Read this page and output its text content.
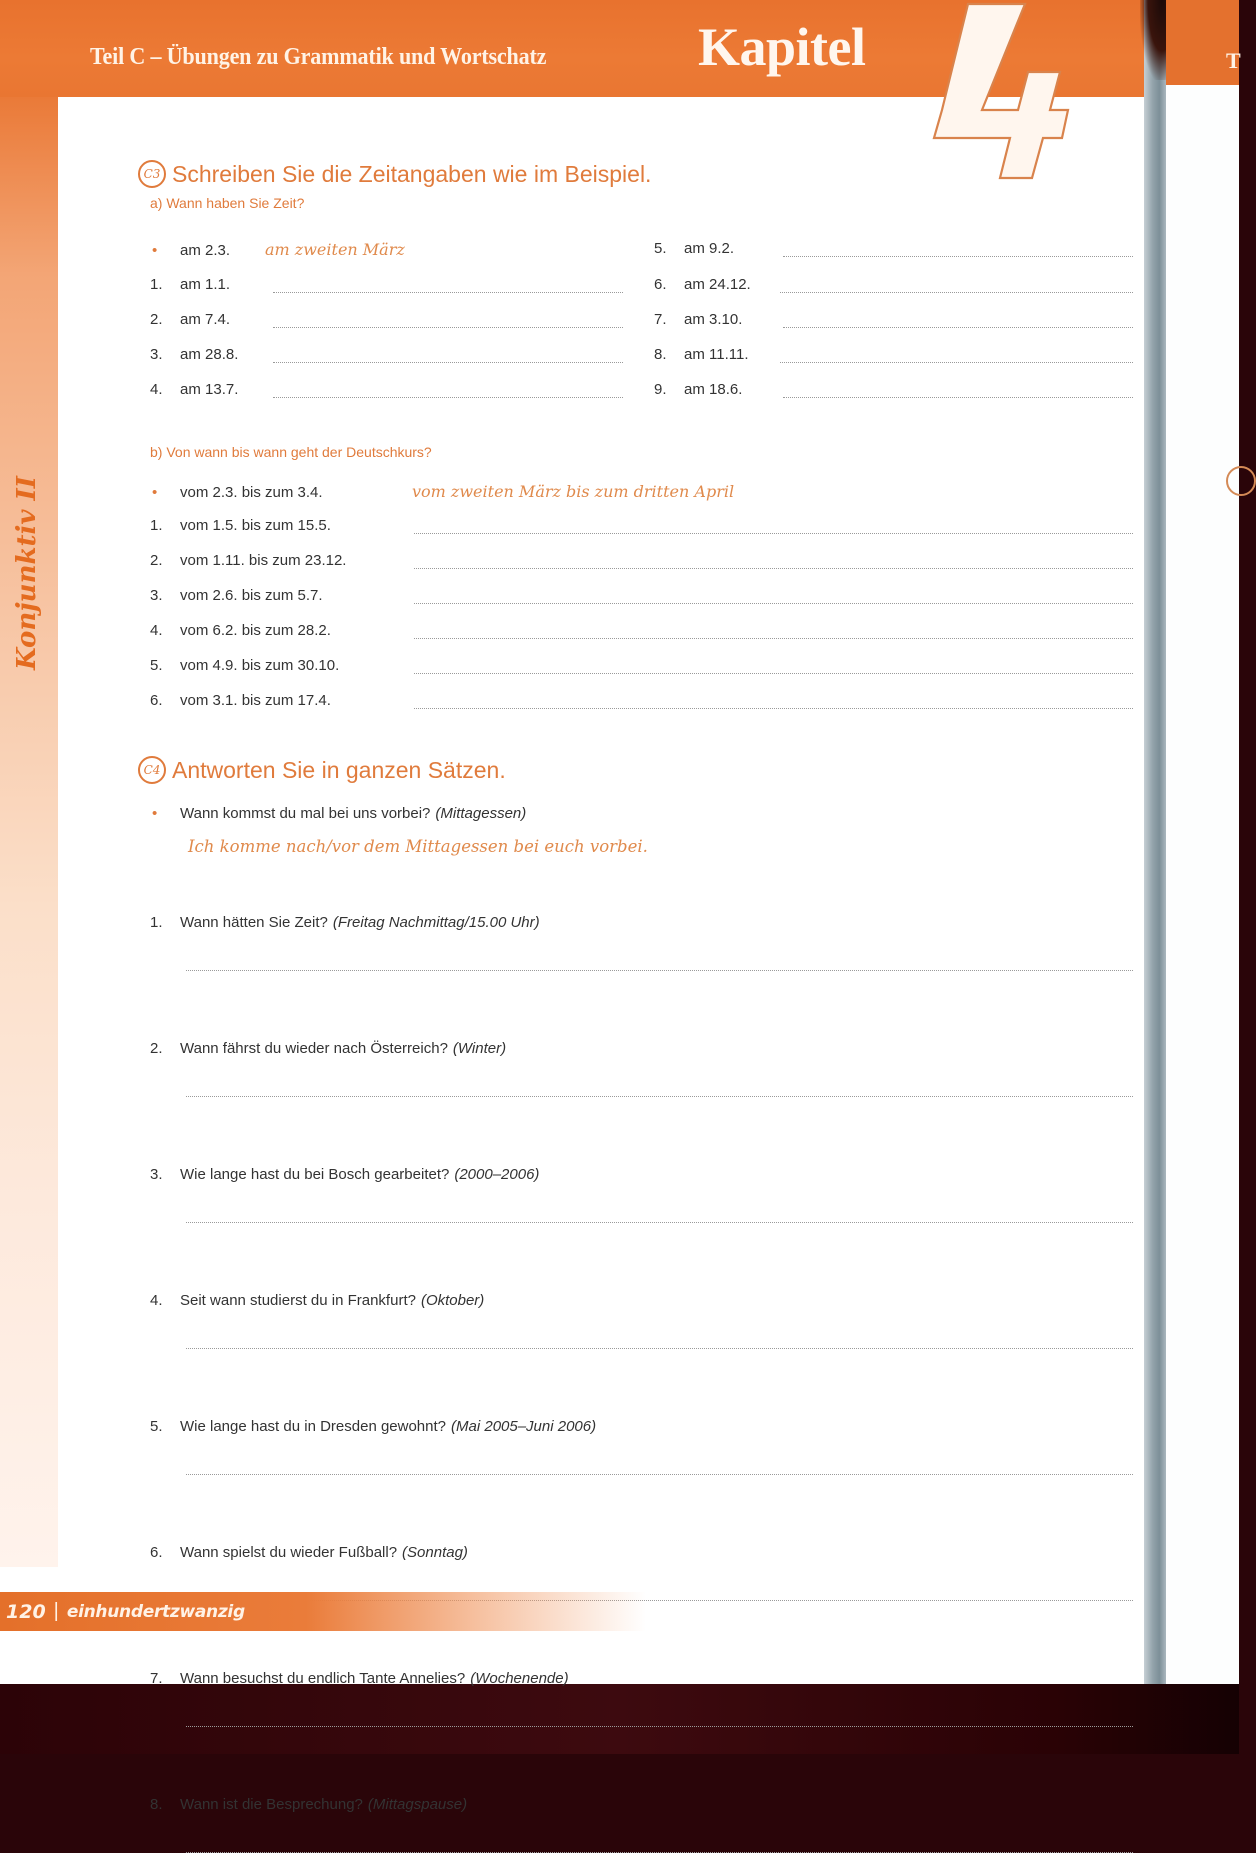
Teil C – Übungen zu Grammatik und Wortschatz	Kapitel	T
Konjunktiv II
C3 Schreiben Sie die Zeitangaben wie im Beispiel.
a) Wann haben Sie Zeit?
•	am 2.3.	am zweiten März
1.	am 1.1.
2.	am 7.4.
3.	am 28.8.
4.	am 13.7.
5.	am 9.2.
6.	am 24.12.
7.	am 3.10.
8.	am 11.11.
9.	am 18.6.
b) Von wann bis wann geht der Deutschkurs?
•	vom 2.3. bis zum 3.4.	vom zweiten März bis zum dritten April
1.	vom 1.5. bis zum 15.5.
2.	vom 1.11. bis zum 23.12.
3.	vom 2.6. bis zum 5.7.
4.	vom 6.2. bis zum 28.2.
5.	vom 4.9. bis zum 30.10.
6.	vom 3.1. bis zum 17.4.
C4 Antworten Sie in ganzen Sätzen.
•	Wann kommst du mal bei uns vorbei? (Mittagessen)
Ich komme nach/vor dem Mittagessen bei euch vorbei.
1.	Wann hätten Sie Zeit? (Freitag Nachmittag/15.00 Uhr)
2.	Wann fährst du wieder nach Österreich? (Winter)
3.	Wie lange hast du bei Bosch gearbeitet? (2000–2006)
4.	Seit wann studierst du in Frankfurt? (Oktober)
5.	Wie lange hast du in Dresden gewohnt? (Mai 2005–Juni 2006)
6.	Wann spielst du wieder Fußball? (Sonntag)
7.	Wann besuchst du endlich Tante Annelies? (Wochenende)
8.	Wann ist die Besprechung? (Mittagspause)
120 | einhundertzwanzig
